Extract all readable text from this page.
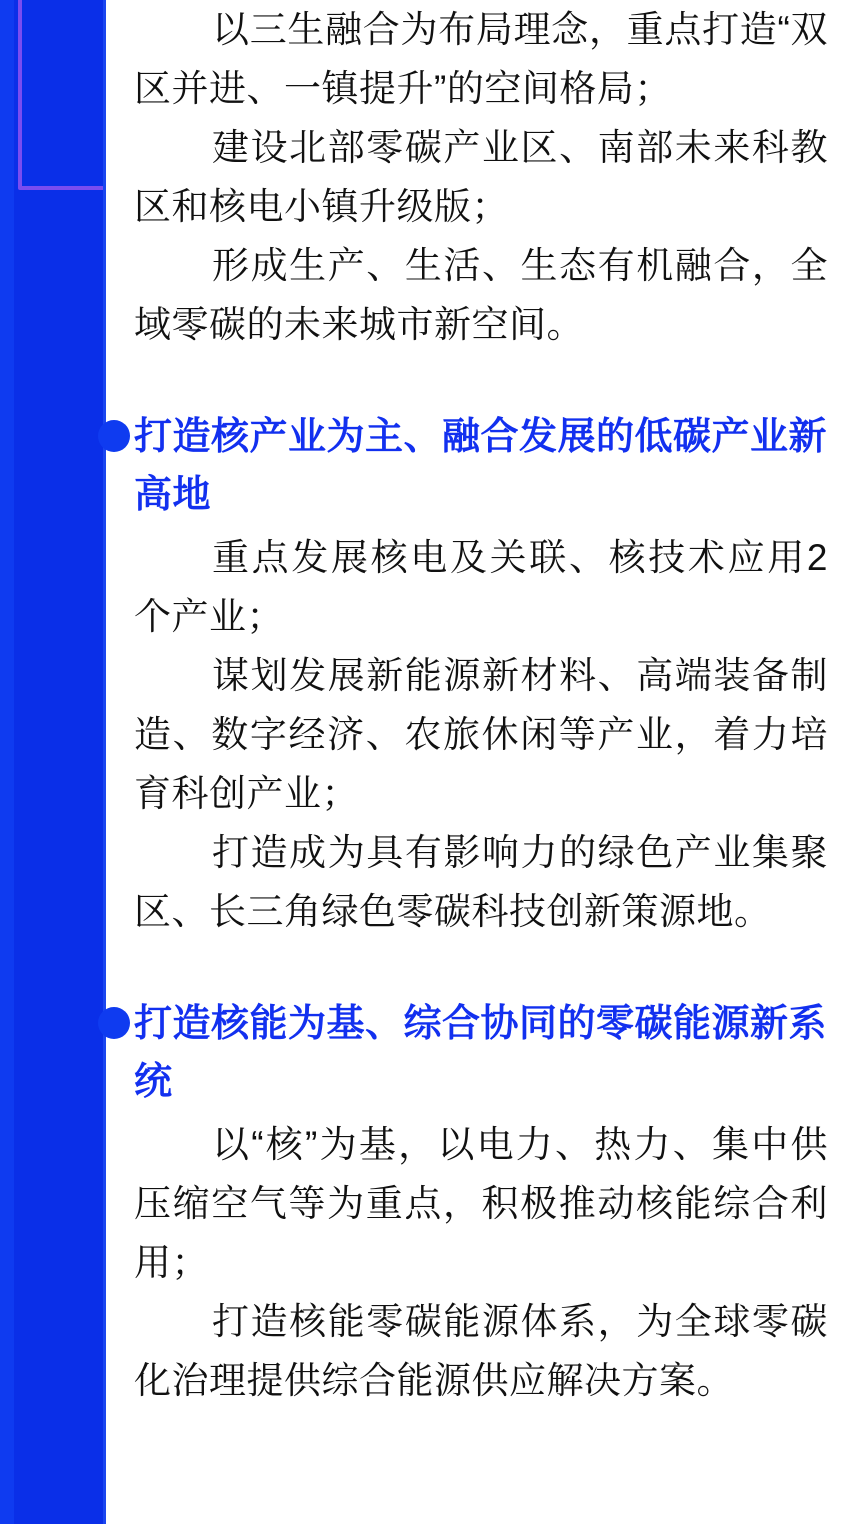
以三生融合为布局理念，重点打造“双区并进、一镇提升”的空间格局；

建设北部零碳产业区、南部未来科教区和核电小镇升级版；

形成生产、生活、生态有机融合，全域零碳的未来城市新空间。

打造核产业为主、融合发展的低碳产业新高地

重点发展核电及关联、核技术应用2个产业；

谋划发展新能源新材料、高端装备制造、数字经济、农旅休闲等产业，着力培育科创产业；

打造成为具有影响力的绿色产业集聚区、长三角绿色零碳科技创新策源地。

打造核能为基、综合协同的零碳能源新系统

以“核”为基，以电力、热力、集中供压缩空气等为重点，积极推动核能综合利用；

打造核能零碳能源体系，为全球零碳化治理提供综合能源供应解决方案。
